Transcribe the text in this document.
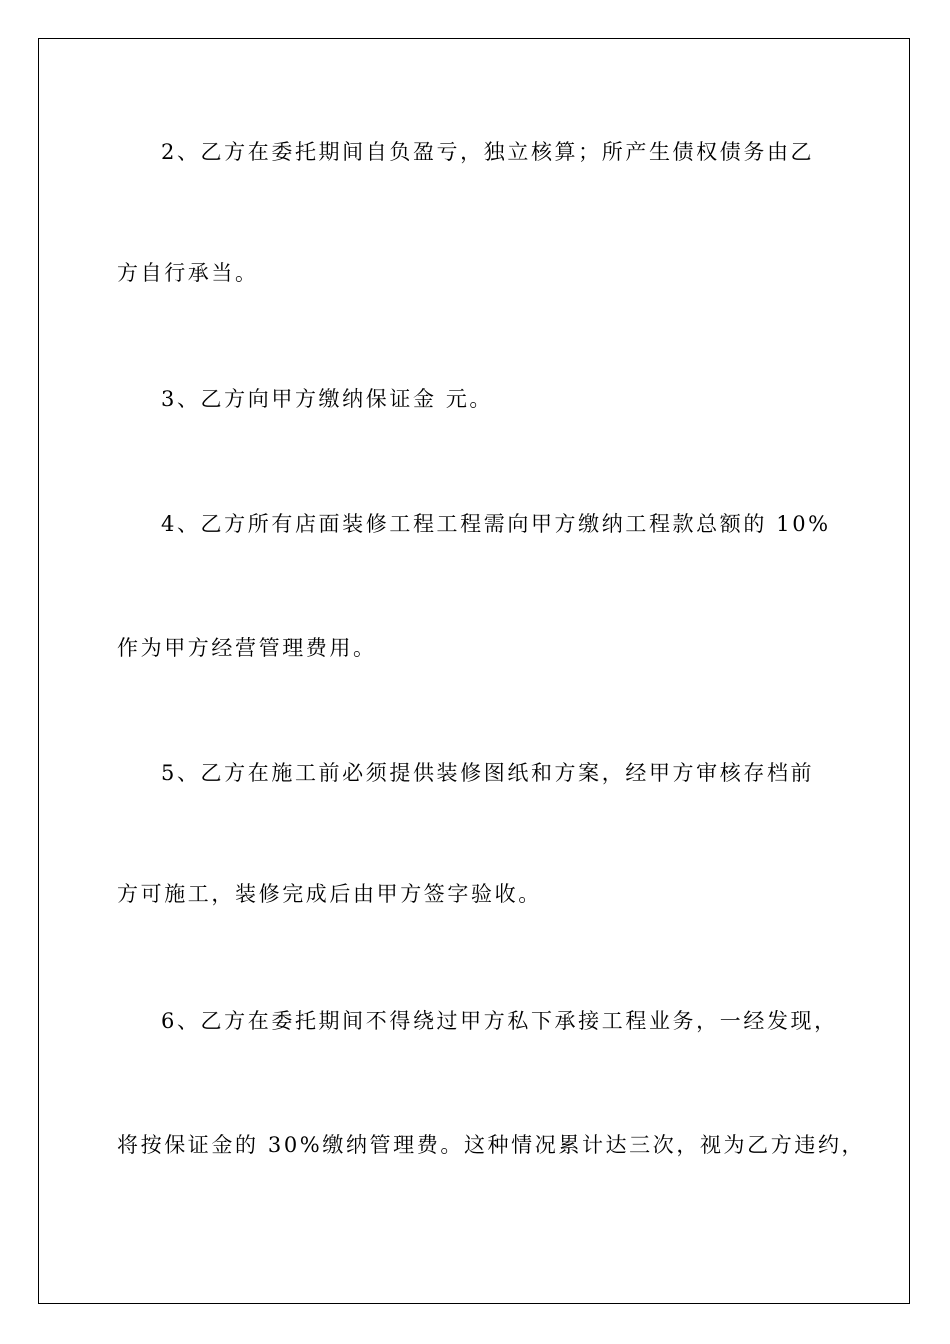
2、乙方在委托期间自负盈亏，独立核算；所产生债权债务由乙
方自行承当。
3、乙方向甲方缴纳保证金 元。
4、乙方所有店面装修工程工程需向甲方缴纳工程款总额的 10%
作为甲方经营管理费用。
5、乙方在施工前必须提供装修图纸和方案，经甲方审核存档前
方可施工，装修完成后由甲方签字验收。
6、乙方在委托期间不得绕过甲方私下承接工程业务，一经发现，
将按保证金的 30%缴纳管理费。这种情况累计达三次，视为乙方违约，
